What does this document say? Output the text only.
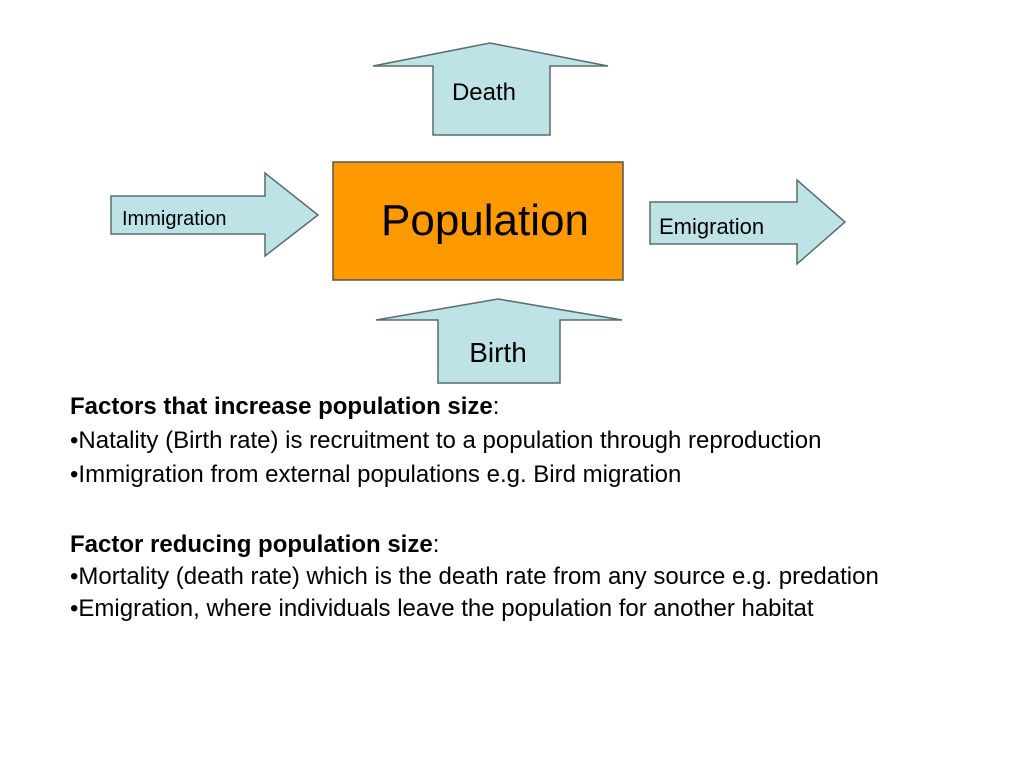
Death
Population
Immigration	Emigration
Birth
Factors that increase population size:
•Natality (Birth rate) is recruitment to a population through reproduction
•Immigration from external populations e.g. Bird migration
Factor reducing population size:
•Mortality (death rate) which is the death rate from any source e.g. predation
•Emigration, where individuals leave the population for another habitat
